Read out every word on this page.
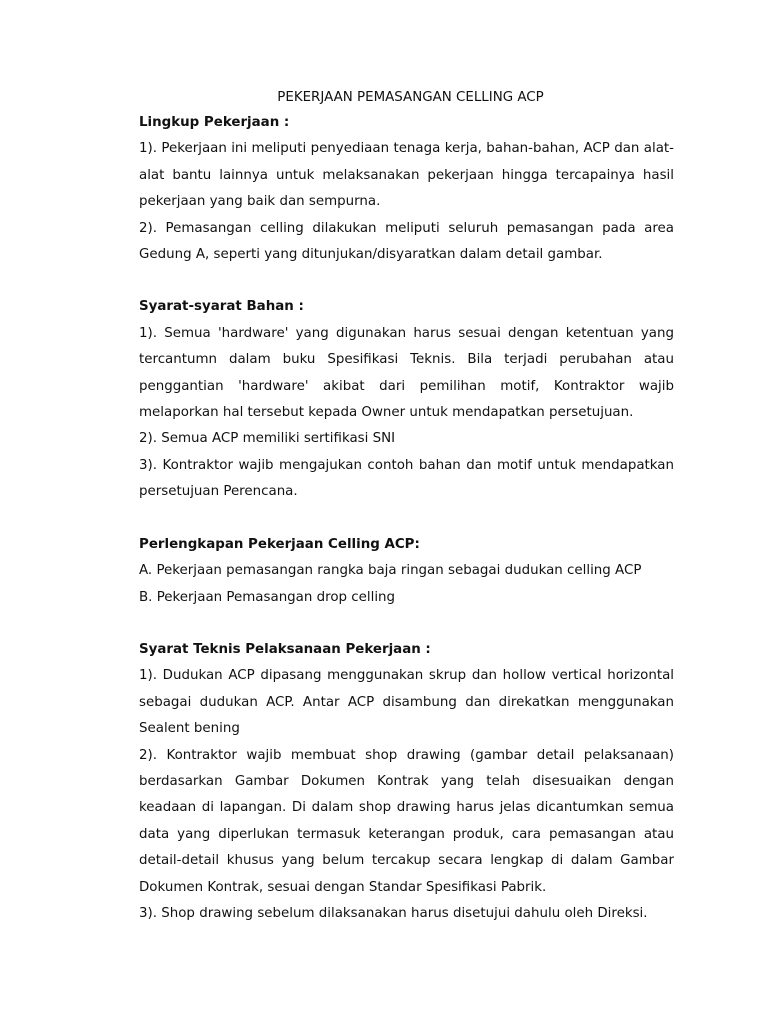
PEKERJAAN PEMASANGAN CELLING ACP

Lingkup Pekerjaan :

1). Pekerjaan ini meliputi penyediaan tenaga kerja, bahan-bahan, ACP dan alat-alat bantu lainnya untuk melaksanakan pekerjaan hingga tercapainya hasil pekerjaan yang baik dan sempurna.

2). Pemasangan celling dilakukan meliputi seluruh pemasangan pada area Gedung A, seperti yang ditunjukan/disyaratkan dalam detail gambar.

Syarat-syarat Bahan :

1). Semua 'hardware' yang digunakan harus sesuai dengan ketentuan yang tercantumn dalam buku Spesifikasi Teknis. Bila terjadi perubahan atau penggantian 'hardware' akibat dari pemilihan motif, Kontraktor wajib melaporkan hal tersebut kepada Owner untuk mendapatkan persetujuan.

2). Semua ACP memiliki sertifikasi SNI

3). Kontraktor wajib mengajukan contoh bahan dan motif untuk mendapatkan persetujuan Perencana.

Perlengkapan Pekerjaan Celling ACP:

A. Pekerjaan pemasangan rangka baja ringan sebagai dudukan celling ACP

B. Pekerjaan Pemasangan drop celling

Syarat Teknis Pelaksanaan Pekerjaan :

1). Dudukan ACP dipasang menggunakan skrup dan hollow vertical horizontal sebagai dudukan ACP. Antar ACP disambung dan direkatkan menggunakan Sealent bening

2). Kontraktor wajib membuat shop drawing (gambar detail pelaksanaan) berdasarkan Gambar Dokumen Kontrak yang telah disesuaikan dengan keadaan di lapangan. Di dalam shop drawing harus jelas dicantumkan semua data yang diperlukan termasuk keterangan produk, cara pemasangan atau detail-detail khusus yang belum tercakup secara lengkap di dalam Gambar Dokumen Kontrak, sesuai dengan Standar Spesifikasi Pabrik.

3). Shop drawing sebelum dilaksanakan harus disetujui dahulu oleh Direksi.
